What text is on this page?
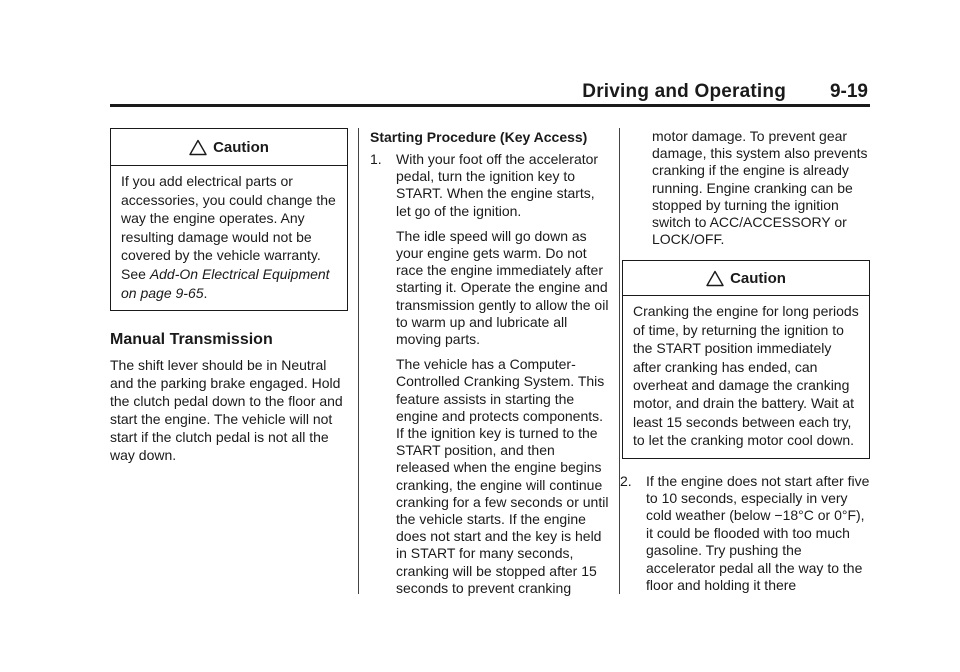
Driving and Operating 9-19
Caution

If you add electrical parts or accessories, you could change the way the engine operates. Any resulting damage would not be covered by the vehicle warranty.

See Add-On Electrical Equipment on page 9-65.

Manual Transmission

The shift lever should be in Neutral and the parking brake engaged. Hold the clutch pedal down to the floor and start the engine. The vehicle will not start if the clutch pedal is not all the way down.

Starting Procedure (Key Access)

1.	With your foot off the accelerator pedal, turn the ignition key to START. When the engine starts, let go of the ignition.

The idle speed will go down as your engine gets warm. Do not race the engine immediately after starting it. Operate the engine and transmission gently to allow the oil to warm up and lubricate all moving parts.

The vehicle has a Computer-Controlled Cranking System. This feature assists in starting the engine and protects components. If the ignition key is turned to the START position, and then released when the engine begins cranking, the engine will continue cranking for a few seconds or until the vehicle starts. If the engine does not start and the key is held in START for many seconds, cranking will be stopped after 15 seconds to prevent cranking

motor damage. To prevent gear damage, this system also prevents cranking if the engine is already running. Engine cranking can be stopped by turning the ignition switch to ACC/ACCESSORY or LOCK/OFF.

Caution

Cranking the engine for long periods of time, by returning the ignition to the START position immediately after cranking has ended, can overheat and damage the cranking motor, and drain the battery. Wait at least 15 seconds between each try, to let the cranking motor cool down.

2.	If the engine does not start after five to 10 seconds, especially in very cold weather (below −18°C or 0°F), it could be flooded with too much gasoline. Try pushing the accelerator pedal all the way to the floor and holding it there
